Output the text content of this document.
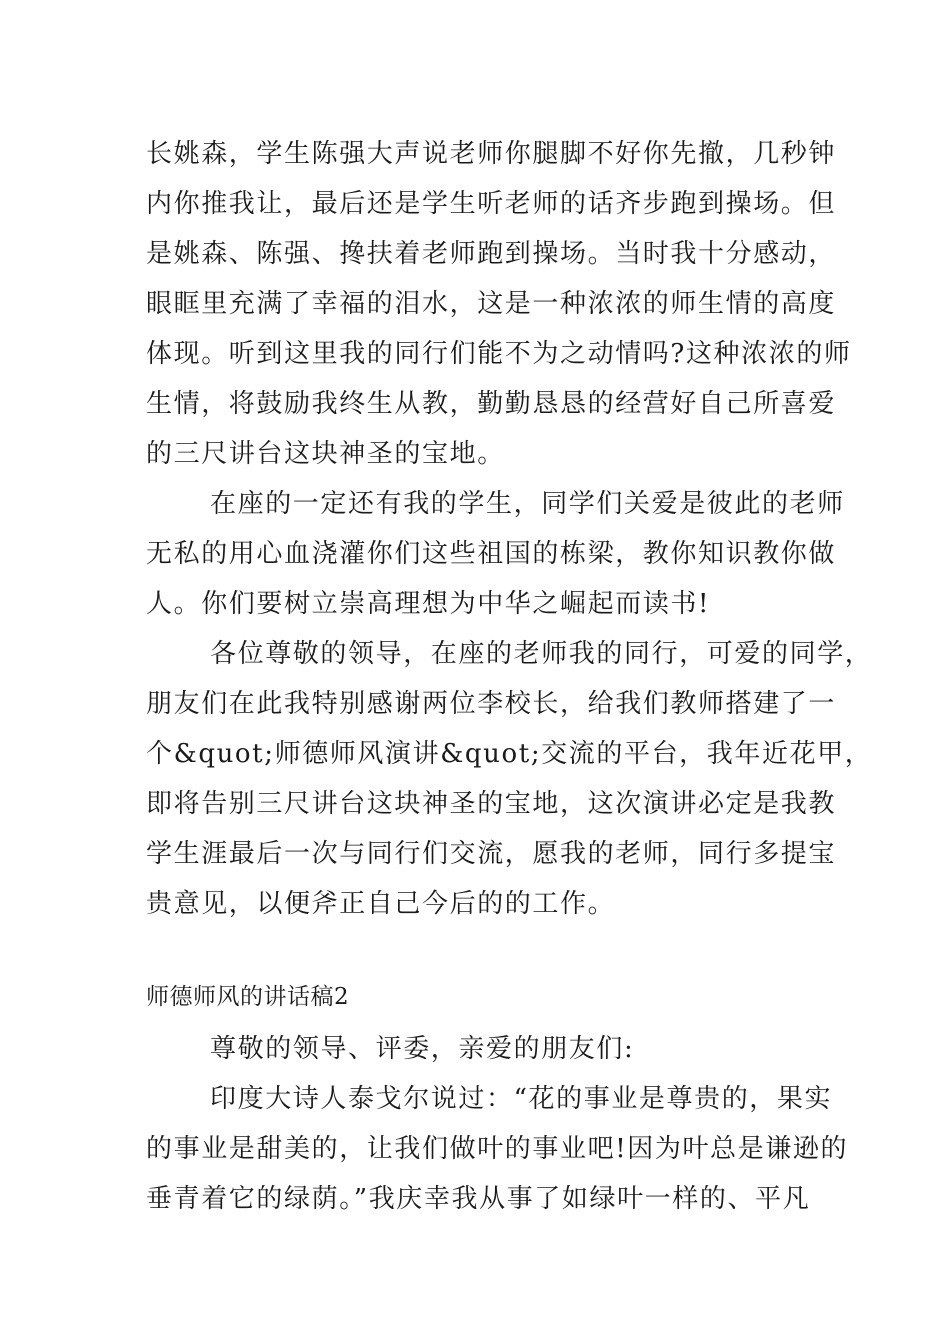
长姚森，学生陈强大声说老师你腿脚不好你先撤，几秒钟
内你推我让，最后还是学生听老师的话齐步跑到操场。但
是姚森、陈强、搀扶着老师跑到操场。当时我十分感动，
眼眶里充满了幸福的泪水，这是一种浓浓的师生情的高度
体现。听到这里我的同行们能不为之动情吗?这种浓浓的师
生情，将鼓励我终生从教，勤勤恳恳的经营好自己所喜爱
的三尺讲台这块神圣的宝地。
在座的一定还有我的学生，同学们关爱是彼此的老师
无私的用心血浇灌你们这些祖国的栋梁，教你知识教你做
人。你们要树立崇高理想为中华之崛起而读书!
各位尊敬的领导，在座的老师我的同行，可爱的同学，
朋友们在此我特别感谢两位李校长，给我们教师搭建了一
个&quot;师德师风演讲&quot;交流的平台，我年近花甲，
即将告别三尺讲台这块神圣的宝地，这次演讲必定是我教
学生涯最后一次与同行们交流，愿我的老师，同行多提宝
贵意见，以便斧正自己今后的的工作。
师德师风的讲话稿2
尊敬的领导、评委，亲爱的朋友们:
印度大诗人泰戈尔说过：“花的事业是尊贵的，果实
的事业是甜美的，让我们做叶的事业吧!因为叶总是谦逊的
垂青着它的绿荫。”我庆幸我从事了如绿叶一样的、平凡
